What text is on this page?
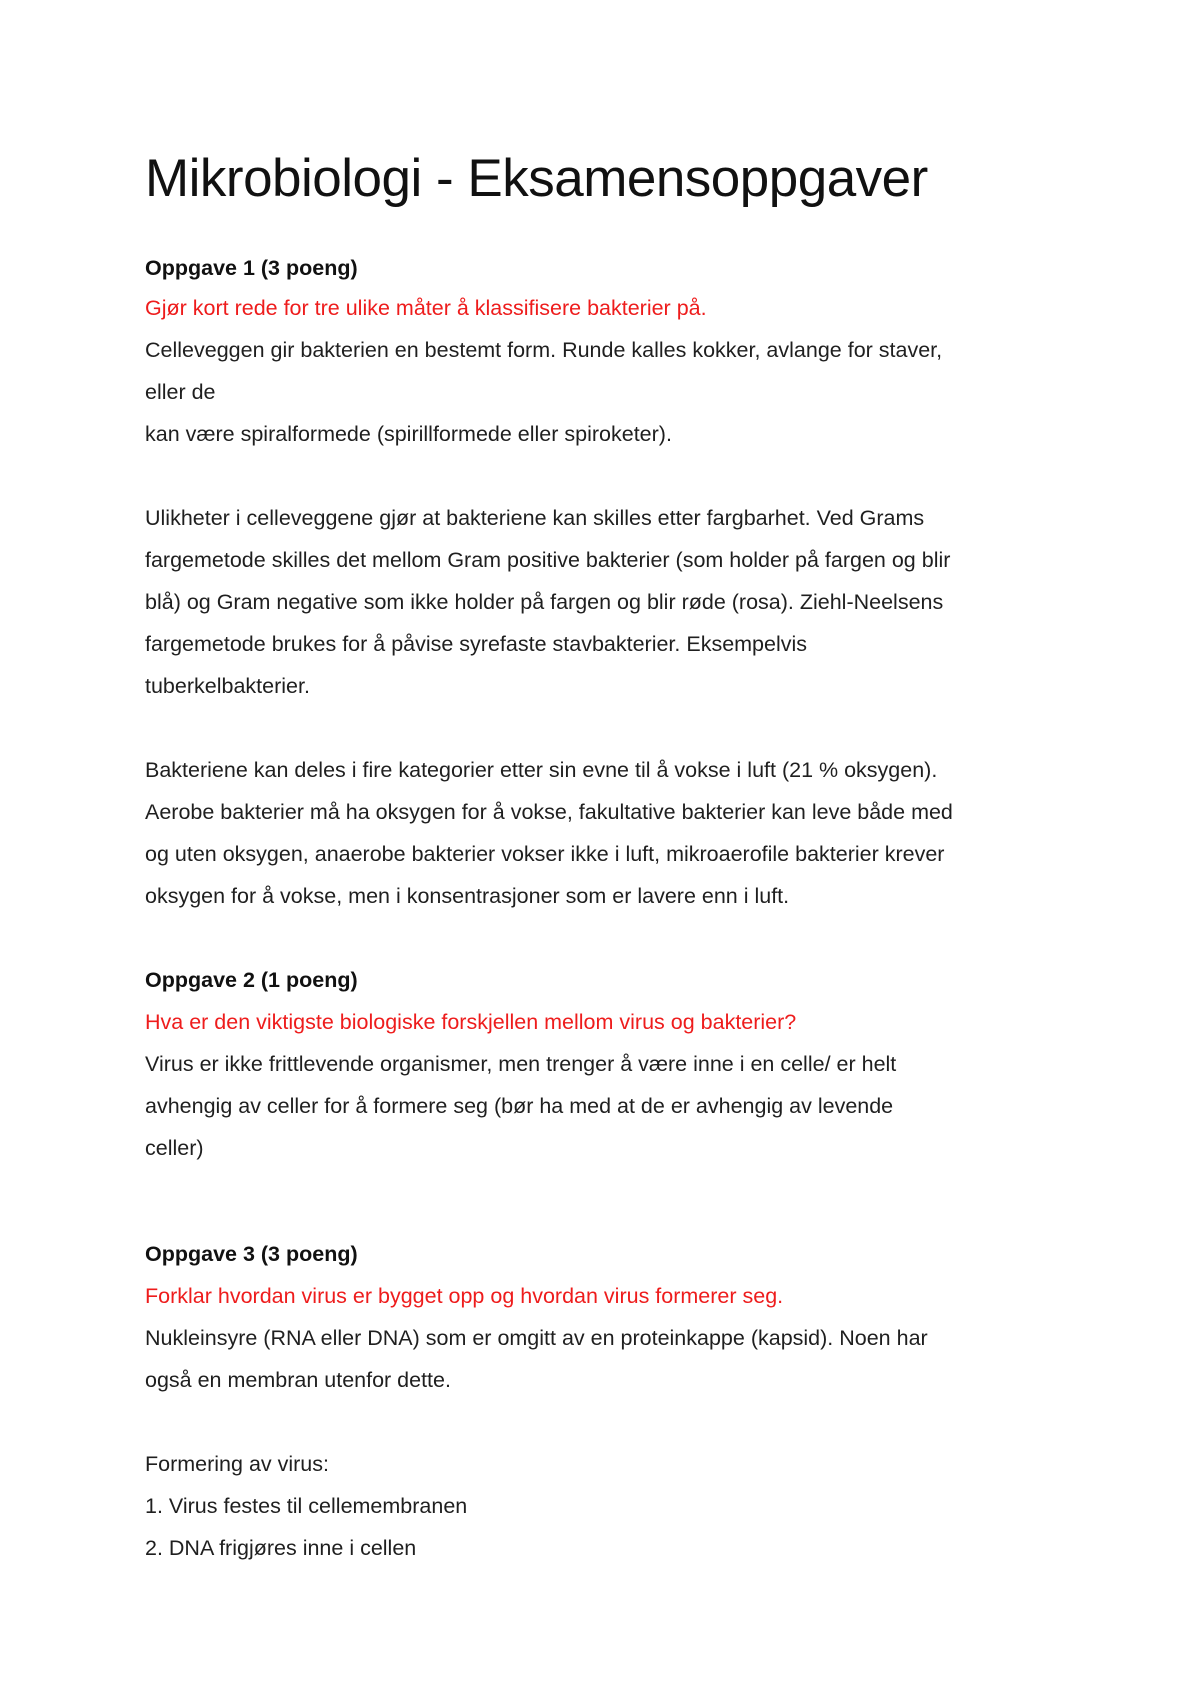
Mikrobiologi - Eksamensoppgaver
Oppgave 1 (3 poeng)
Gjør kort rede for tre ulike måter å klassifisere bakterier på.
Celleveggen gir bakterien en bestemt form. Runde kalles kokker, avlange for staver,
eller de
kan være spiralformede (spirillformede eller spiroketer).
Ulikheter i celleveggene gjør at bakteriene kan skilles etter fargbarhet. Ved Grams
fargemetode skilles det mellom Gram positive bakterier (som holder på fargen og blir
blå) og Gram negative som ikke holder på fargen og blir røde (rosa). Ziehl-Neelsens
fargemetode brukes for å påvise syrefaste stavbakterier. Eksempelvis
tuberkelbakterier.
Bakteriene kan deles i fire kategorier etter sin evne til å vokse i luft (21 % oksygen).
Aerobe bakterier må ha oksygen for å vokse, fakultative bakterier kan leve både med
og uten oksygen, anaerobe bakterier vokser ikke i luft, mikroaerofile bakterier krever
oksygen for å vokse, men i konsentrasjoner som er lavere enn i luft.
Oppgave 2 (1 poeng)
Hva er den viktigste biologiske forskjellen mellom virus og bakterier?
Virus er ikke frittlevende organismer, men trenger å være inne i en celle/ er helt
avhengig av celler for å formere seg (bør ha med at de er avhengig av levende
celler)
Oppgave 3 (3 poeng)
Forklar hvordan virus er bygget opp og hvordan virus formerer seg.
Nukleinsyre (RNA eller DNA) som er omgitt av en proteinkappe (kapsid). Noen har
også en membran utenfor dette.
Formering av virus:
1. Virus festes til cellemembranen
2. DNA frigjøres inne i cellen
